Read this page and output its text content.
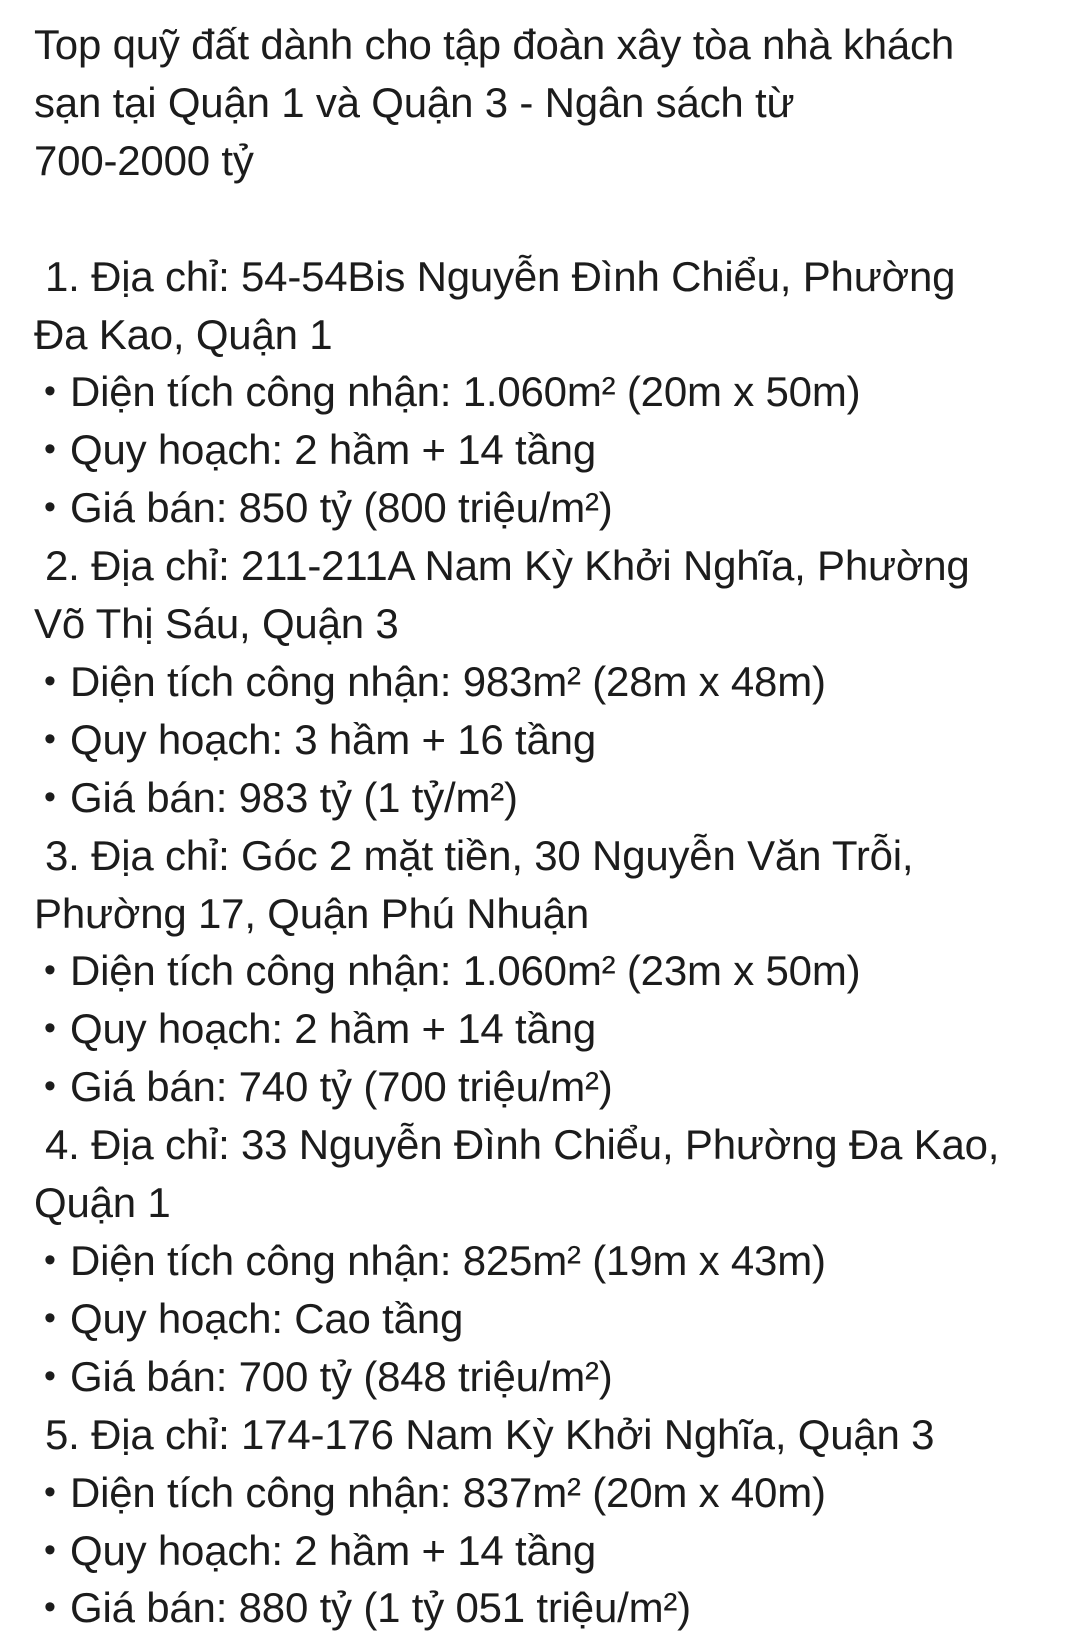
Top quỹ đất dành cho tập đoàn xây tòa nhà khách
sạn tại Quận 1 và Quận 3 - Ngân sách từ
700-2000 tỷ
1. Địa chỉ: 54-54Bis Nguyễn Đình Chiểu, Phường
Đa Kao, Quận 1
• Diện tích công nhận: 1.060m² (20m x 50m)
• Quy hoạch: 2 hầm + 14 tầng
• Giá bán: 850 tỷ (800 triệu/m²)
2. Địa chỉ: 211-211A Nam Kỳ Khởi Nghĩa, Phường
Võ Thị Sáu, Quận 3
• Diện tích công nhận: 983m² (28m x 48m)
• Quy hoạch: 3 hầm + 16 tầng
• Giá bán: 983 tỷ (1 tỷ/m²)
3. Địa chỉ: Góc 2 mặt tiền, 30 Nguyễn Văn Trỗi,
Phường 17, Quận Phú Nhuận
• Diện tích công nhận: 1.060m² (23m x 50m)
• Quy hoạch: 2 hầm + 14 tầng
• Giá bán: 740 tỷ (700 triệu/m²)
4. Địa chỉ: 33 Nguyễn Đình Chiểu, Phường Đa Kao,
Quận 1
• Diện tích công nhận: 825m² (19m x 43m)
• Quy hoạch: Cao tầng
• Giá bán: 700 tỷ (848 triệu/m²)
5. Địa chỉ: 174-176 Nam Kỳ Khởi Nghĩa, Quận 3
• Diện tích công nhận: 837m² (20m x 40m)
• Quy hoạch: 2 hầm + 14 tầng
• Giá bán: 880 tỷ (1 tỷ 051 triệu/m²)
